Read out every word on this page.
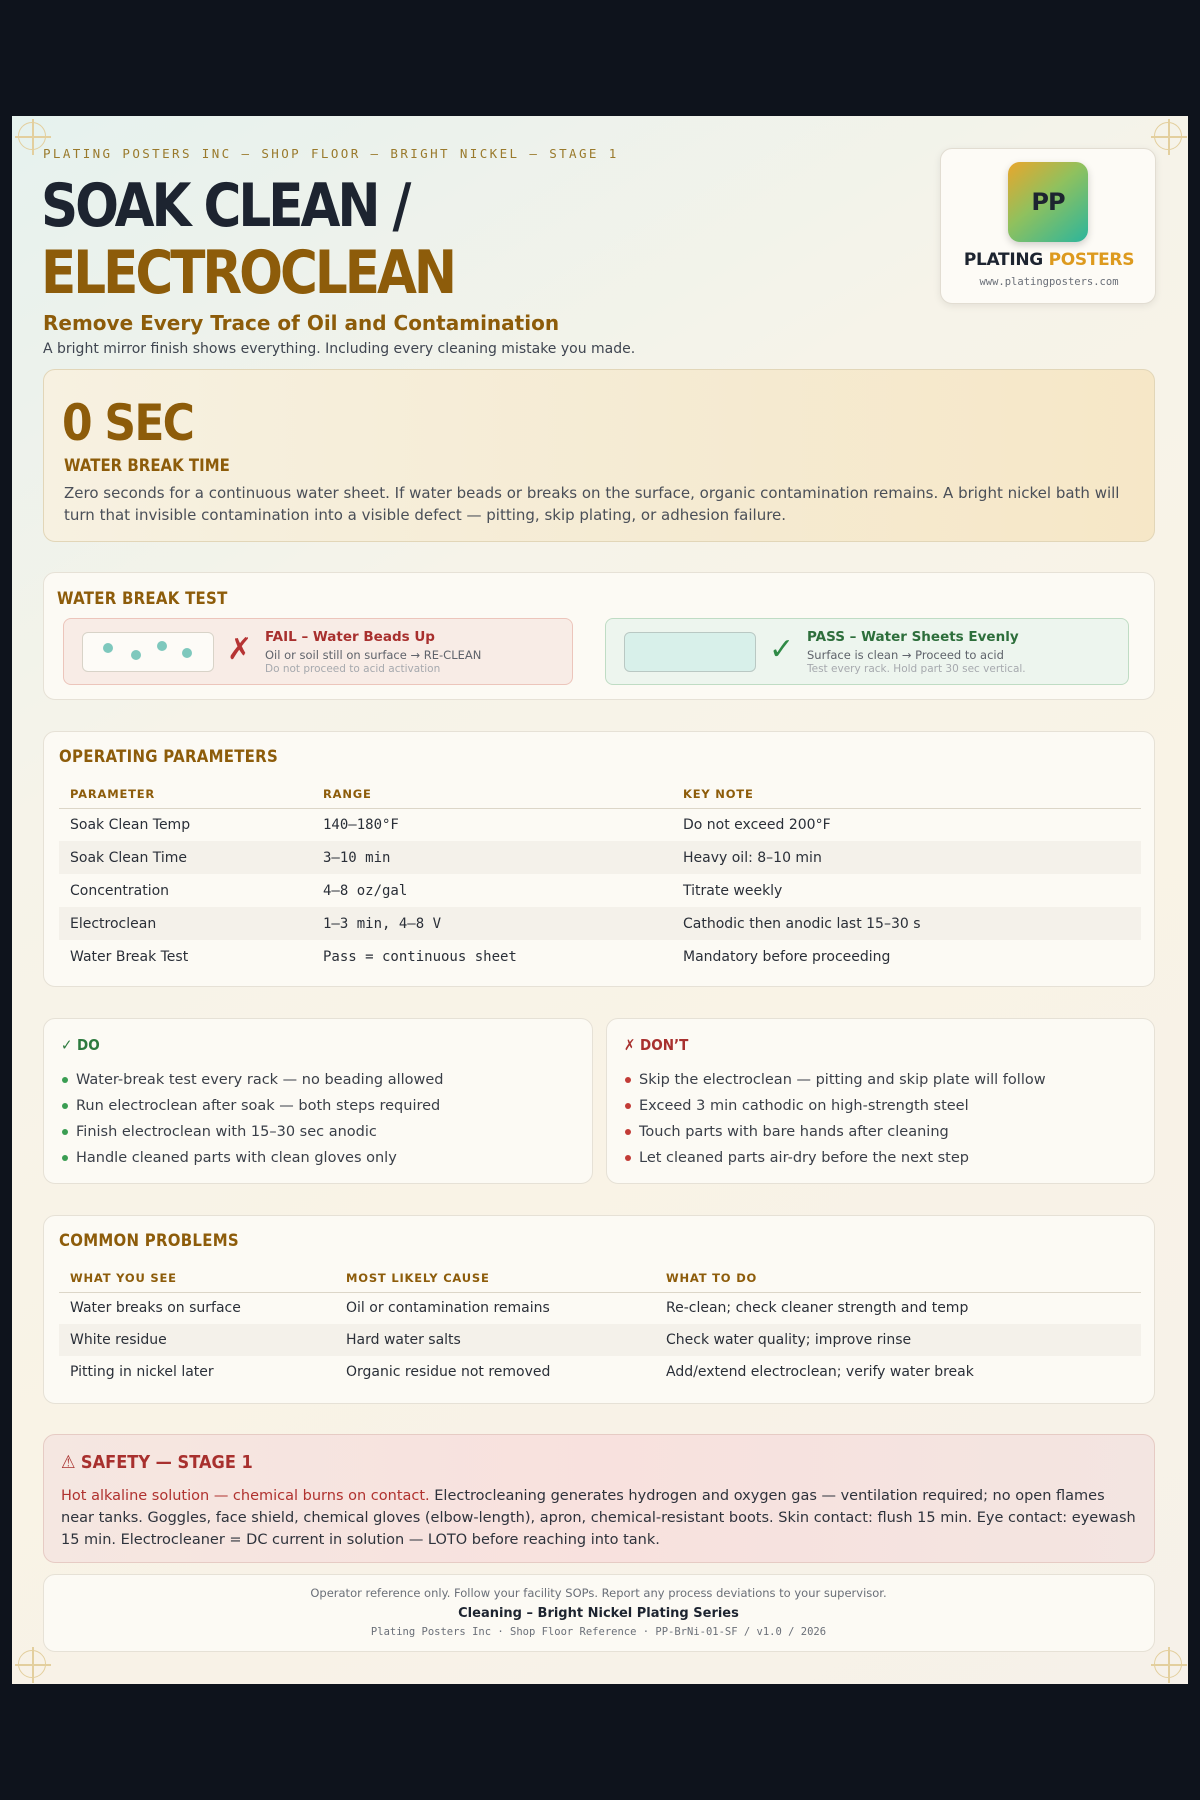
PLATING POSTERS INC — SHOP FLOOR — BRIGHT NICKEL — STAGE 1
SOAK CLEAN /
ELECTROCLEAN
Remove Every Trace of Oil and Contamination
A bright mirror finish shows everything. Including every cleaning mistake you made.
PP
PLATING POSTERS
www.platingposters.com
0 SEC
WATER BREAK TIME
Zero seconds for a continuous water sheet. If water beads or breaks on the surface, organic contamination remains. A bright nickel bath will turn that invisible contamination into a visible defect — pitting, skip plating, or adhesion failure.
WATER BREAK TEST
✗ FAIL – Water Beads Up
Oil or soil still on surface → RE-CLEAN
Do not proceed to acid activation
✓ PASS – Water Sheets Evenly
Surface is clean → Proceed to acid
Test every rack. Hold part 30 sec vertical.
OPERATING PARAMETERS
PARAMETER	RANGE	KEY NOTE
Soak Clean Temp	140–180°F	Do not exceed 200°F
Soak Clean Time	3–10 min	Heavy oil: 8–10 min
Concentration	4–8 oz/gal	Titrate weekly
Electroclean	1–3 min, 4–8 V	Cathodic then anodic last 15–30 s
Water Break Test	Pass = continuous sheet	Mandatory before proceeding
✓ DO
Water-break test every rack — no beading allowed
Run electroclean after soak — both steps required
Finish electroclean with 15–30 sec anodic
Handle cleaned parts with clean gloves only
✗ DON’T
Skip the electroclean — pitting and skip plate will follow
Exceed 3 min cathodic on high-strength steel
Touch parts with bare hands after cleaning
Let cleaned parts air-dry before the next step
COMMON PROBLEMS
WHAT YOU SEE	MOST LIKELY CAUSE	WHAT TO DO
Water breaks on surface	Oil or contamination remains	Re-clean; check cleaner strength and temp
White residue	Hard water salts	Check water quality; improve rinse
Pitting in nickel later	Organic residue not removed	Add/extend electroclean; verify water break
⚠ SAFETY — STAGE 1
Hot alkaline solution — chemical burns on contact. Electrocleaning generates hydrogen and oxygen gas — ventilation required; no open flames near tanks. Goggles, face shield, chemical gloves (elbow-length), apron, chemical-resistant boots. Skin contact: flush 15 min. Eye contact: eyewash 15 min. Electrocleaner = DC current in solution — LOTO before reaching into tank.
Operator reference only. Follow your facility SOPs. Report any process deviations to your supervisor.
Cleaning – Bright Nickel Plating Series
Plating Posters Inc · Shop Floor Reference · PP-BrNi-01-SF / v1.0 / 2026
